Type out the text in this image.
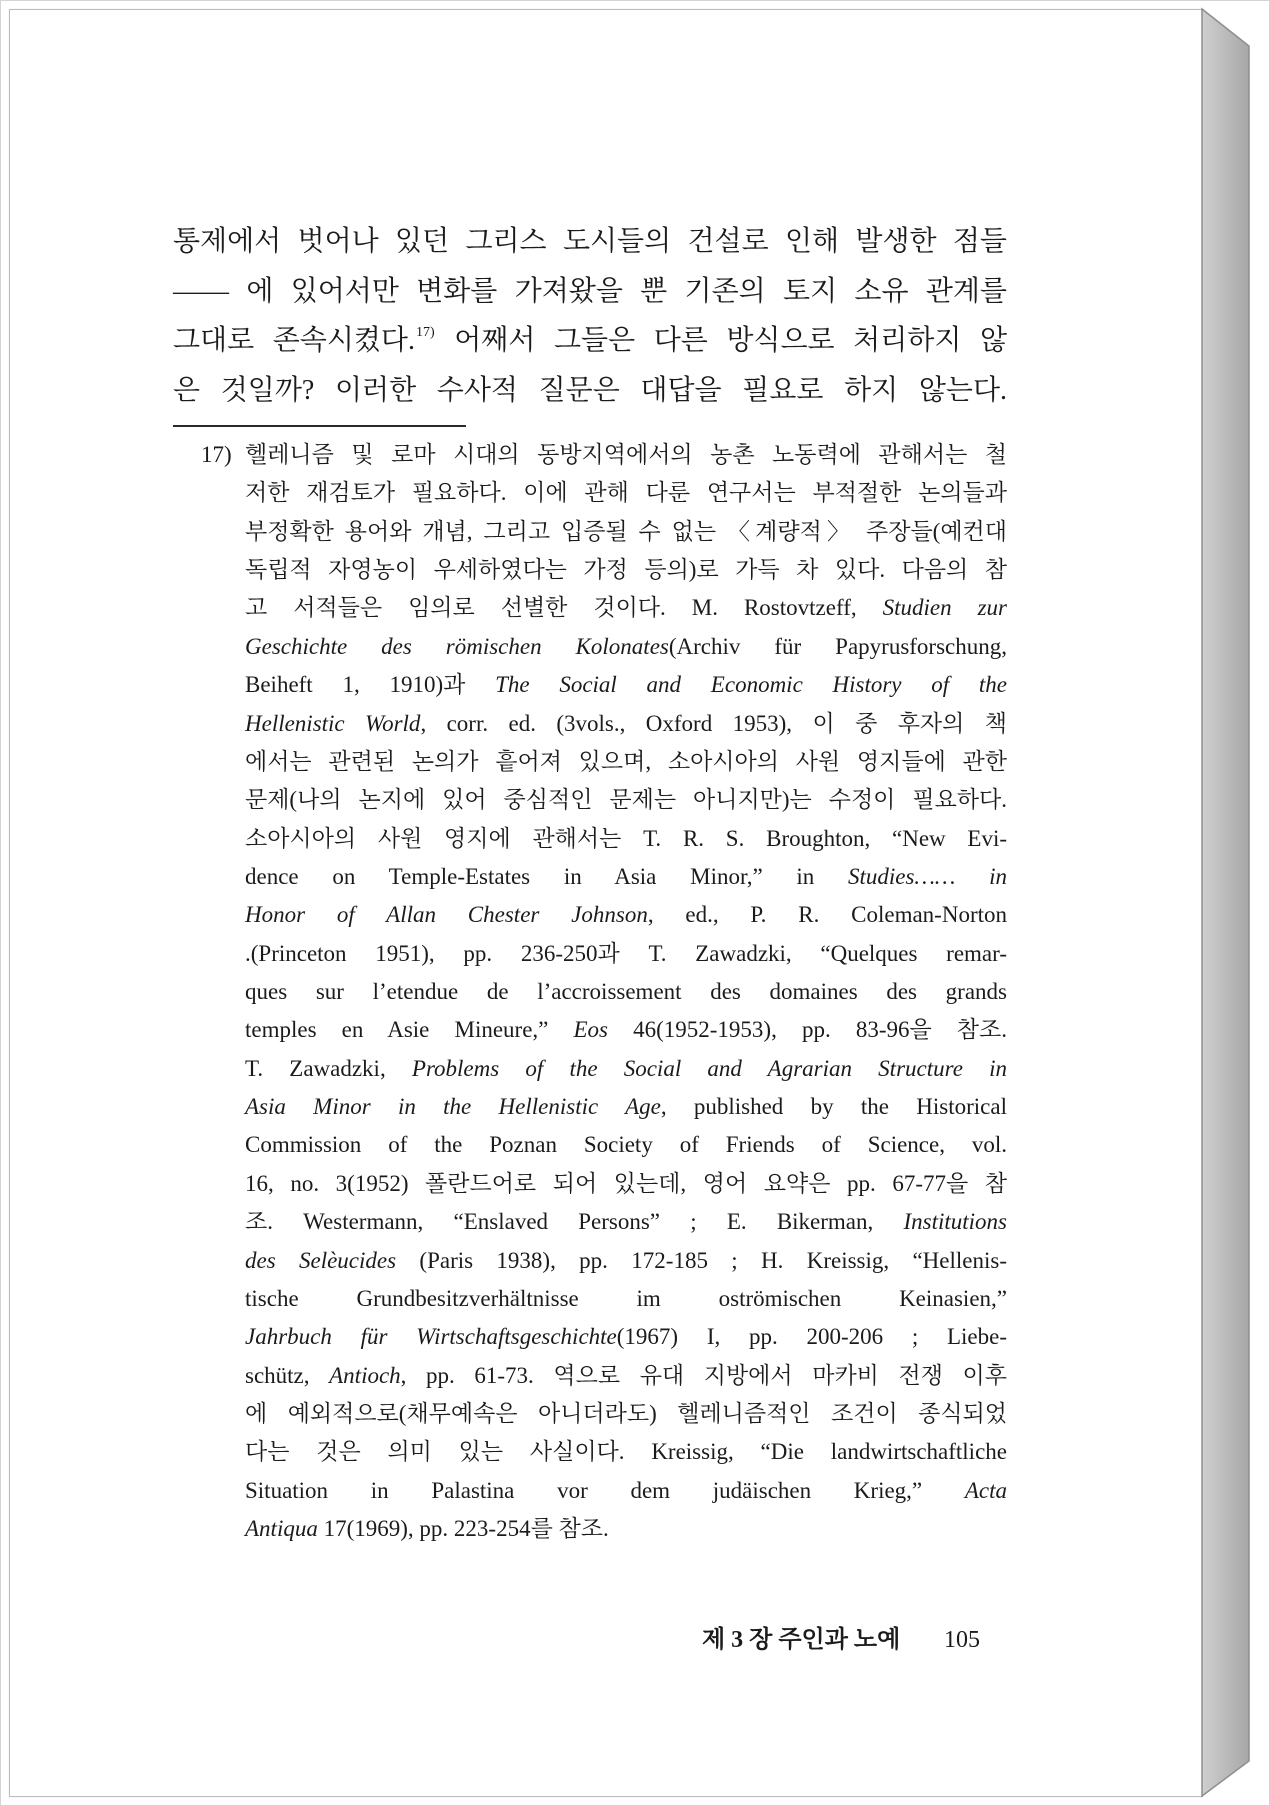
통제에서 벗어나 있던 그리스 도시들의 건설로 인해 발생한 점들
—— 에 있어서만 변화를 가져왔을 뿐 기존의 토지 소유 관계를
그대로 존속시켰다.$^{17)}$ 어째서 그들은 다른 방식으로 처리하지 않
은 것일까? 이러한 수사적 질문은 대답을 필요로 하지 않는다.
17) 헬레니즘 및 로마 시대의 동방지역에서의 농촌 노동력에 관해서는 철
저한 재검토가 필요하다. 이에 관해 다룬 연구서는 부적절한 논의들과
부정확한 용어와 개념, 그리고 입증될 수 없는 〈계량적〉 주장들(예컨대
독립적 자영농이 우세하였다는 가정 등의)로 가득 차 있다. 다음의 참
고 서적들은 임의로 선별한 것이다. M. Rostovtzeff, Studien zur
Geschichte des römischen Kolonates(Archiv für Papyrusforschung,
Beiheft 1, 1910)과 The Social and Economic History of the
Hellenistic World, corr. ed. (3vols., Oxford 1953), 이 중 후자의 책
에서는 관련된 논의가 흩어져 있으며, 소아시아의 사원 영지들에 관한
문제(나의 논지에 있어 중심적인 문제는 아니지만)는 수정이 필요하다.
소아시아의 사원 영지에 관해서는 T. R. S. Broughton, “New Evi-
dence on Temple-Estates in Asia Minor,” in Studies…… in
Honor of Allan Chester Johnson, ed., P. R. Coleman-Norton
.(Princeton 1951), pp. 236-250과 T. Zawadzki, “Quelques remar-
ques sur l’etendue de l’accroissement des domaines des grands
temples en Asie Mineure,” Eos 46(1952-1953), pp. 83-96을 참조.
T. Zawadzki, Problems of the Social and Agrarian Structure in
Asia Minor in the Hellenistic Age, published by the Historical
Commission of the Poznan Society of Friends of Science, vol.
16, no. 3(1952) 폴란드어로 되어 있는데, 영어 요약은 pp. 67-77을 참
조. Westermann, “Enslaved Persons” ; E. Bikerman, Institutions
des Selèucides (Paris 1938), pp. 172-185 ; H. Kreissig, “Hellenis-
tische Grundbesitzverhältnisse im oströmischen Keinasien,”
Jahrbuch für Wirtschaftsgeschichte(1967) I, pp. 200-206 ; Liebe-
schütz, Antioch, pp. 61-73. 역으로 유대 지방에서 마카비 전쟁 이후
에 예외적으로(채무예속은 아니더라도) 헬레니즘적인 조건이 종식되었
다는 것은 의미 있는 사실이다. Kreissig, “Die landwirtschaftliche
Situation in Palastina vor dem judäischen Krieg,” Acta
Antiqua 17(1969), pp. 223-254를 참조.
제 3 장 주인과 노예 105
